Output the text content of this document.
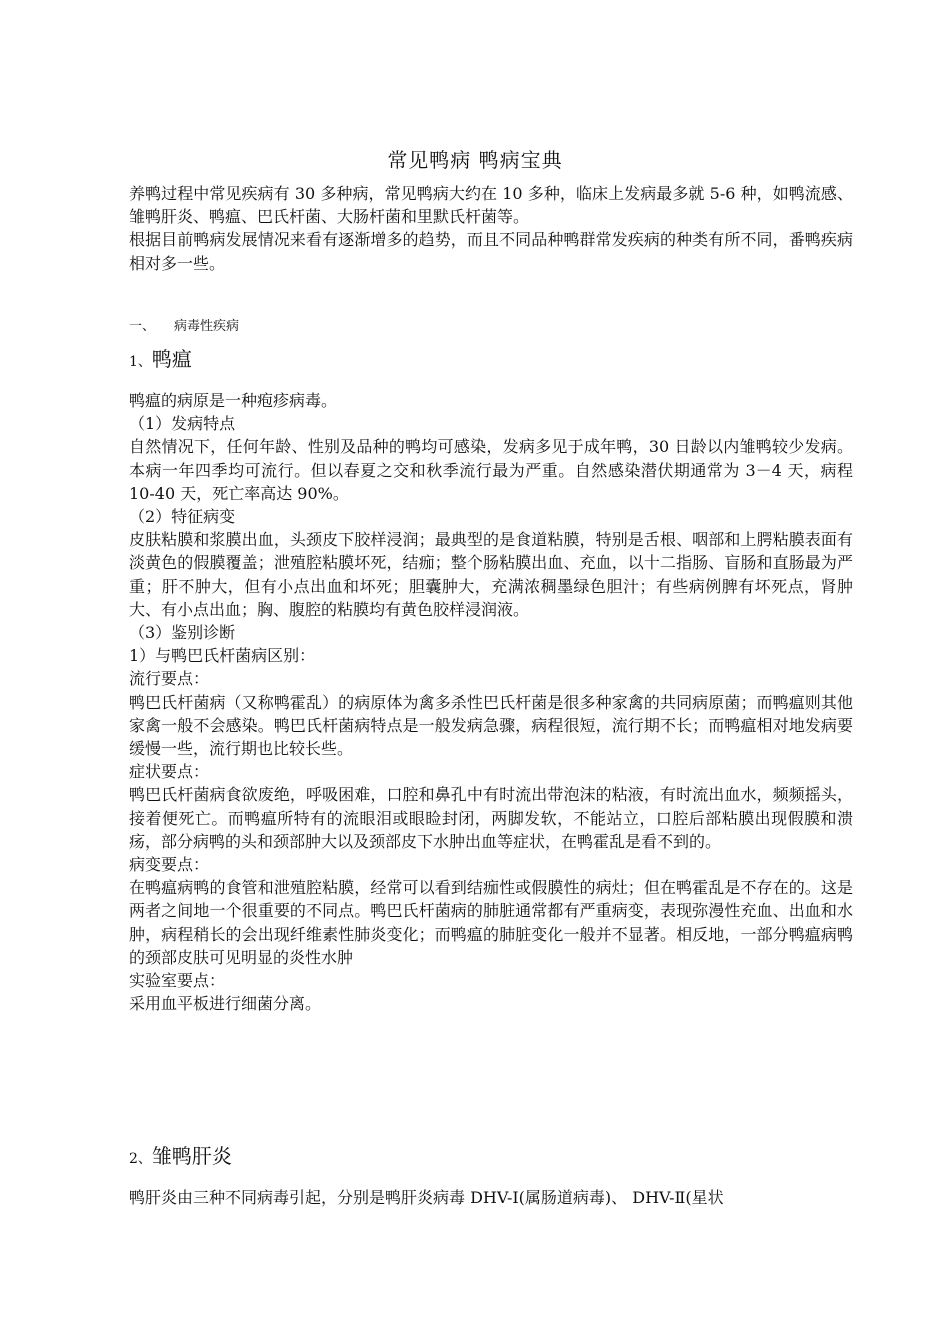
常见鸭病 鸭病宝典

养鸭过程中常见疾病有 30 多种病，常见鸭病大约在 10 多种，临床上发病最多就 5-6 种，如鸭流感、雏鸭肝炎、鸭瘟、巴氏杆菌、大肠杆菌和里默氏杆菌等。

根据目前鸭病发展情况来看有逐渐增多的趋势，而且不同品种鸭群常发疾病的种类有所不同，番鸭疾病相对多一些。

一、 病毒性疾病
1、鸭瘟

鸭瘟的病原是一种疱疹病毒。

（1）发病特点

自然情况下，任何年龄、性别及品种的鸭均可感染，发病多见于成年鸭，30 日龄以内雏鸭较少发病。本病一年四季均可流行。但以春夏之交和秋季流行最为严重。自然感染潜伏期通常为 3－4 天，病程 10-40 天，死亡率高达 90%。

（2）特征病变

皮肤粘膜和浆膜出血，头颈皮下胶样浸润；最典型的是食道粘膜，特别是舌根、咽部和上腭粘膜表面有淡黄色的假膜覆盖；泄殖腔粘膜坏死，结痂；整个肠粘膜出血、充血，以十二指肠、盲肠和直肠最为严重；肝不肿大，但有小点出血和坏死；胆囊肿大，充满浓稠墨绿色胆汁；有些病例脾有坏死点，肾肿大、有小点出血；胸、腹腔的粘膜均有黄色胶样浸润液。

（3）鉴别诊断

1）与鸭巴氏杆菌病区别：

流行要点：

鸭巴氏杆菌病（又称鸭霍乱）的病原体为禽多杀性巴氏杆菌是很多种家禽的共同病原菌；而鸭瘟则其他家禽一般不会感染。鸭巴氏杆菌病特点是一般发病急骤，病程很短，流行期不长；而鸭瘟相对地发病要缓慢一些，流行期也比较长些。

症状要点：

鸭巴氏杆菌病食欲废绝，呼吸困难，口腔和鼻孔中有时流出带泡沫的粘液，有时流出血水，频频摇头，接着便死亡。而鸭瘟所特有的流眼泪或眼睑封闭，两脚发软，不能站立，口腔后部粘膜出现假膜和溃疡，部分病鸭的头和颈部肿大以及颈部皮下水肿出血等症状，在鸭霍乱是看不到的。

病变要点：

在鸭瘟病鸭的食管和泄殖腔粘膜，经常可以看到结痂性或假膜性的病灶；但在鸭霍乱是不存在的。这是两者之间地一个很重要的不同点。鸭巴氏杆菌病的肺脏通常都有严重病变，表现弥漫性充血、出血和水肿，病程稍长的会出现纤维素性肺炎变化；而鸭瘟的肺脏变化一般并不显著。相反地，一部分鸭瘟病鸭的颈部皮肤可见明显的炎性水肿

实验室要点：

采用血平板进行细菌分离。

2、雏鸭肝炎

鸭肝炎由三种不同病毒引起，分别是鸭肝炎病毒 DHV-Ⅰ(属肠道病毒)、 DHV-Ⅱ(星状
